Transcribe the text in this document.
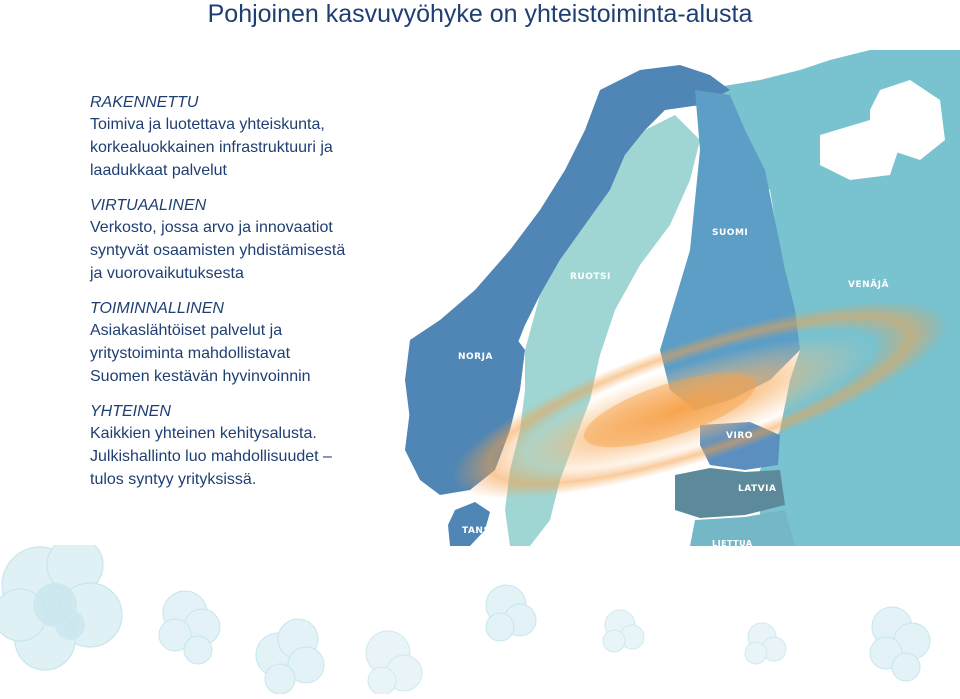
Pohjoinen kasvuvyöhyke on yhteistoiminta-alusta
RAKENNETTU
Toimiva ja luotettava yhteiskunta,
korkealuokkainen infrastruktuuri ja
laadukkaat palvelut
VIRTUAALINEN
Verkosto, jossa arvo ja innovaatiot
syntyvät osaamisten yhdistämisestä
ja vuorovaikutuksesta
TOIMINNALLINEN
Asiakaslähtöiset palvelut ja
yritystoiminta mahdollistavat
Suomen kestävän hyvinvoinnin
YHTEINEN
Kaikkien yhteinen kehitysalusta.
Julkishallinto luo mahdollisuudet –
tulos syntyy yrityksissä.
SUOMI
RUOTSI
NORJA
VENÄJÄ
VIRO
LATVIA
TANSKA
LIETTUA
